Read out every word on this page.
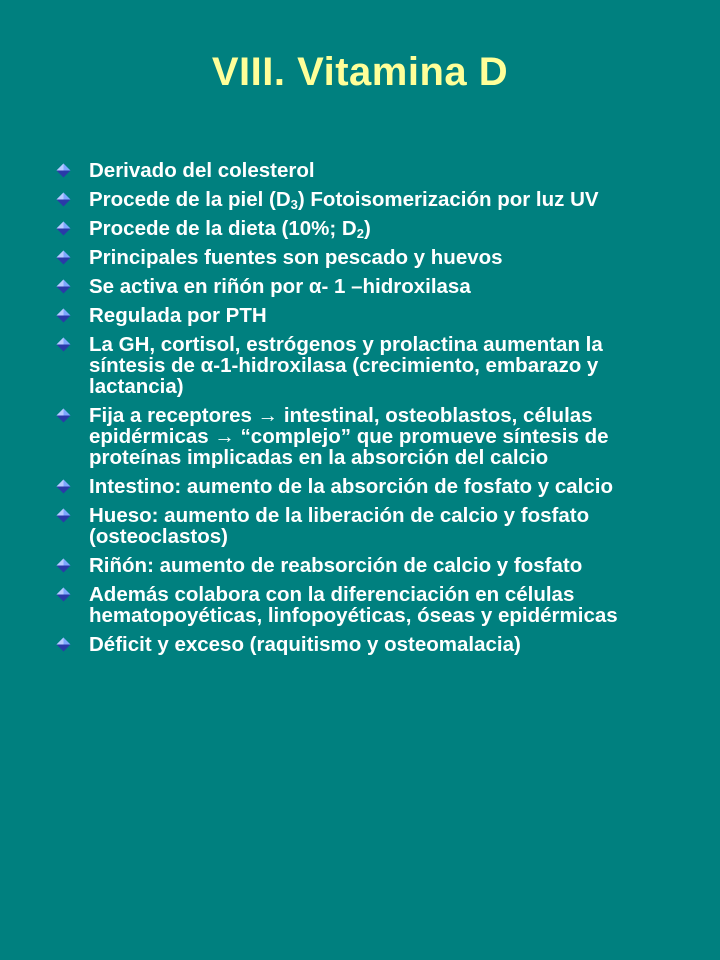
VIII. Vitamina D
Derivado del colesterol
Procede de la piel $(D_3)$ Fotoisomerización por luz UV
Procede de la dieta (10%; $D_2$)
Principales fuentes son pescado y huevos
Se activa en riñón por α- 1 –hidroxilasa
Regulada por PTH
La GH, cortisol, estrógenos y prolactina aumentan la síntesis de α-1-hidroxilasa (crecimiento, embarazo y lactancia)
Fija a receptores → intestinal, osteoblastos, células epidérmicas → “complejo” que promueve síntesis de proteínas implicadas en la absorción del calcio
Intestino: aumento de la absorción de fosfato y calcio
Hueso: aumento de la liberación de calcio y fosfato (osteoclastos)
Riñón: aumento de reabsorción de calcio y fosfato
Además colabora con la diferenciación en células hematopoyéticas, linfopoyéticas, óseas y epidérmicas
Déficit y exceso (raquitismo y osteomalacia)
